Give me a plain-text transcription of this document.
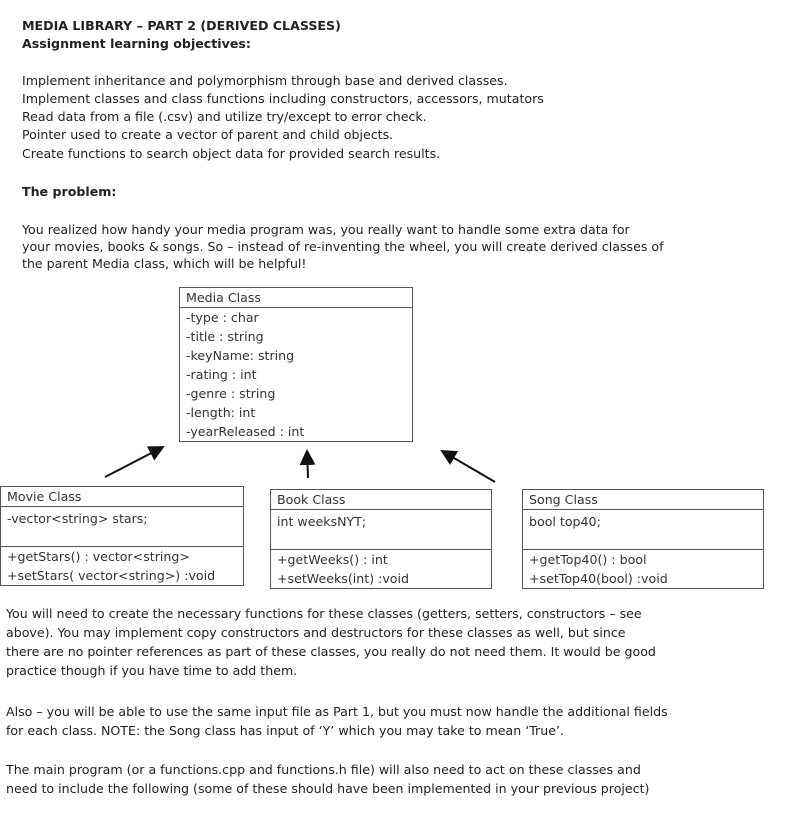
MEDIA LIBRARY – PART 2 (DERIVED CLASSES)
Assignment learning objectives:
Implement inheritance and polymorphism through base and derived classes.
Implement classes and class functions including constructors, accessors, mutators
Read data from a file (.csv) and utilize try/except to error check.
Pointer used to create a vector of parent and child objects.
Create functions to search object data for provided search results.
The problem:
You realized how handy your media program was, you really want to handle some extra data for
your movies, books & songs. So – instead of re-inventing the wheel, you will create derived classes of
the parent Media class, which will be helpful!
Media Class
-type : char
-title : string
-keyName: string
-rating : int
-genre : string
-length: int
-yearReleased : int
Movie Class
-vector<string> stars;
+getStars() : vector<string>
+setStars( vector<string>) :void
Book Class
int weeksNYT;
+getWeeks() : int
+setWeeks(int) :void
Song Class
bool top40;
+getTop40() : bool
+setTop40(bool) :void
You will need to create the necessary functions for these classes (getters, setters, constructors – see
above). You may implement copy constructors and destructors for these classes as well, but since
there are no pointer references as part of these classes, you really do not need them. It would be good
practice though if you have time to add them.
Also – you will be able to use the same input file as Part 1, but you must now handle the additional fields
for each class. NOTE: the Song class has input of ‘Y’ which you may take to mean ‘True’.
The main program (or a functions.cpp and functions.h file) will also need to act on these classes and
need to include the following (some of these should have been implemented in your previous project)
